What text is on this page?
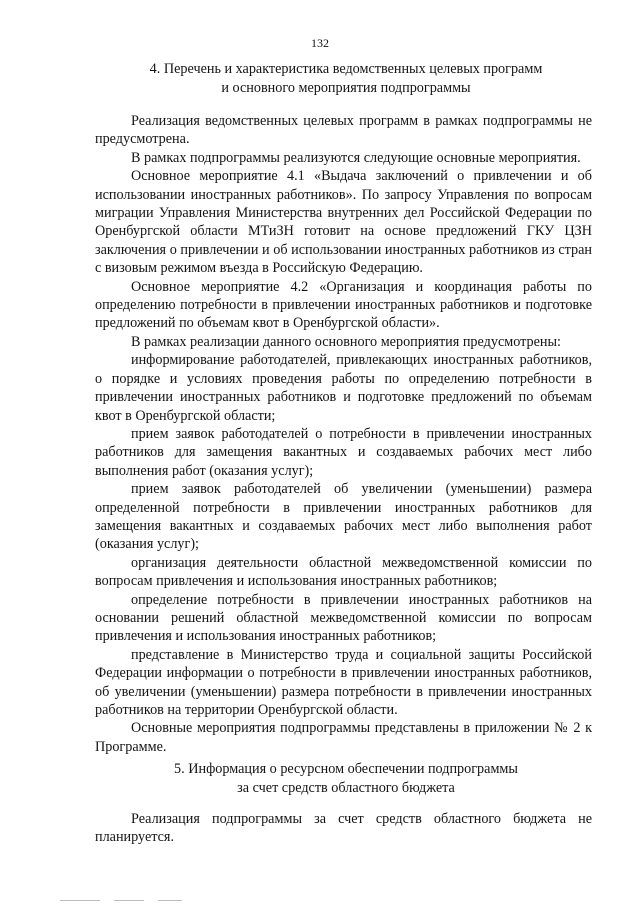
132
4. Перечень и характеристика ведомственных целевых программ
и основного мероприятия подпрограммы

Реализация ведомственных целевых программ в рамках подпрограммы не предусмотрена.

В рамках подпрограммы реализуются следующие основные мероприятия.

Основное мероприятие 4.1 «Выдача заключений о привлечении и об использовании иностранных работников». По запросу Управления по вопросам миграции Управления Министерства внутренних дел Российской Федерации по Оренбургской области МТиЗН готовит на основе предложений ГКУ ЦЗН заключения о привлечении и об использовании иностранных работников из стран с визовым режимом въезда в Российскую Федерацию.

Основное мероприятие 4.2 «Организация и координация работы по определению потребности в привлечении иностранных работников и подготовке предложений по объемам квот в Оренбургской области».

В рамках реализации данного основного мероприятия предусмотрены:

информирование работодателей, привлекающих иностранных работников, о порядке и условиях проведения работы по определению потребности в привлечении иностранных работников и подготовке предложений по объемам квот в Оренбургской области;

прием заявок работодателей о потребности в привлечении иностранных работников для замещения вакантных и создаваемых рабочих мест либо выполнения работ (оказания услуг);

прием заявок работодателей об увеличении (уменьшении) размера определенной потребности в привлечении иностранных работников для замещения вакантных и создаваемых рабочих мест либо выполнения работ (оказания услуг);

организация деятельности областной межведомственной комиссии по вопросам привлечения и использования иностранных работников;

определение потребности в привлечении иностранных работников на основании решений областной межведомственной комиссии по вопросам привлечения и использования иностранных работников;

представление в Министерство труда и социальной защиты Российской Федерации информации о потребности в привлечении иностранных работников, об увеличении (уменьшении) размера потребности в привлечении иностранных работников на территории Оренбургской области.

Основные мероприятия подпрограммы представлены в приложении № 2 к Программе.

5. Информация о ресурсном обеспечении подпрограммы
за счет средств областного бюджета

Реализация подпрограммы за счет средств областного бюджета не планируется.
